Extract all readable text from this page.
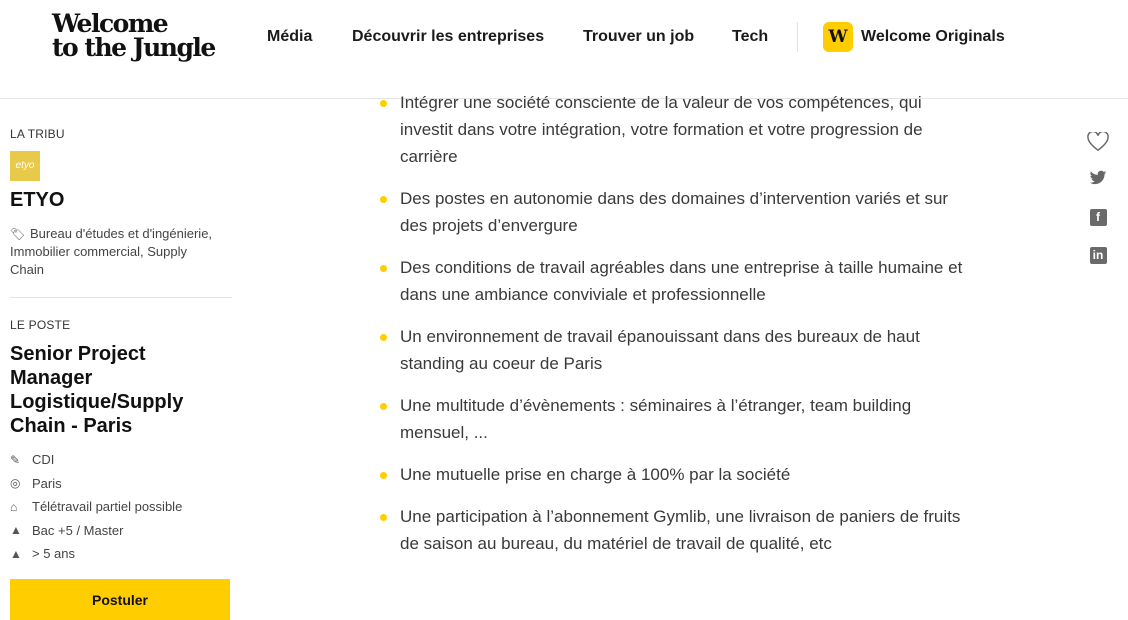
Welcome
to the Jungle	Média Découvrir les entreprises Trouver un job Tech	W Welcome Originals
LA TRIBU
etyo
ETYO
🏷︎ Bureau d'études et d'ingénierie, Immobilier commercial, Supply Chain
LE POSTE
Senior Project Manager Logistique/Supply Chain - Paris
✎ CDI
◎ Paris
⌂	Télétravail partiel possible
▲ Bac +5 / Master
▲ > 5 ans
Postuler
Intégrer une société consciente de la valeur de vos compétences, qui investit dans votre intégration, votre formation et votre progression de carrière
Des postes en autonomie dans des domaines d’intervention variés et sur des projets d’envergure
Des conditions de travail agréables dans une entreprise à taille humaine et dans une ambiance conviviale et professionnelle
Un environnement de travail épanouissant dans des bureaux de haut standing au coeur de Paris
Une multitude d’évènements : séminaires à l’étranger, team building mensuel, ...
Une mutuelle prise en charge à 100% par la société
Une participation à l’abonnement Gymlib, une livraison de paniers de fruits de saison au bureau, du matériel de travail de qualité, etc
f
in
